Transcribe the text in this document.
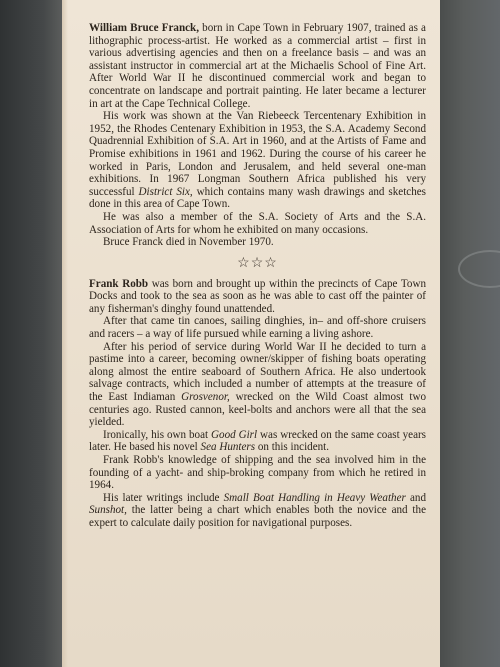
William Bruce Franck, born in Cape Town in February 1907, trained as a lithographic process-artist. He worked as a commercial artist – first in various advertising agencies and then on a freelance basis – and was an assistant instructor in commercial art at the Michaelis School of Fine Art. After World War II he discontinued commercial work and began to concentrate on landscape and portrait painting. He later became a lecturer in art at the Cape Technical College.

His work was shown at the Van Riebeeck Tercentenary Exhibition in 1952, the Rhodes Centenary Exhibition in 1953, the S.A. Academy Second Quadrennial Exhibition of S.A. Art in 1960, and at the Artists of Fame and Promise exhibitions in 1961 and 1962. During the course of his career he worked in Paris, London and Jerusalem, and held several one-man exhibitions. In 1967 Longman Southern Africa published his very successful District Six, which contains many wash drawings and sketches done in this area of Cape Town.

He was also a member of the S.A. Society of Arts and the S.A. Association of Arts for whom he exhibited on many occasions.

Bruce Franck died in November 1970.

☆☆☆

Frank Robb was born and brought up within the precincts of Cape Town Docks and took to the sea as soon as he was able to cast off the painter of any fisherman's dinghy found unattended.

After that came tin canoes, sailing dinghies, in– and off-shore cruisers and racers – a way of life pursued while earning a living ashore.

After his period of service during World War II he decided to turn a pastime into a career, becoming owner/skipper of fishing boats operating along almost the entire seaboard of Southern Africa. He also undertook salvage contracts, which included a number of attempts at the treasure of the East Indiaman Grosvenor, wrecked on the Wild Coast almost two centuries ago. Rusted cannon, keel-bolts and anchors were all that the sea yielded.

Ironically, his own boat Good Girl was wrecked on the same coast years later. He based his novel Sea Hunters on this incident.

Frank Robb's knowledge of shipping and the sea involved him in the founding of a yacht- and ship-broking company from which he retired in 1964.

His later writings include Small Boat Handling in Heavy Weather and Sunshot, the latter being a chart which enables both the novice and the expert to calculate daily position for navigational purposes.
